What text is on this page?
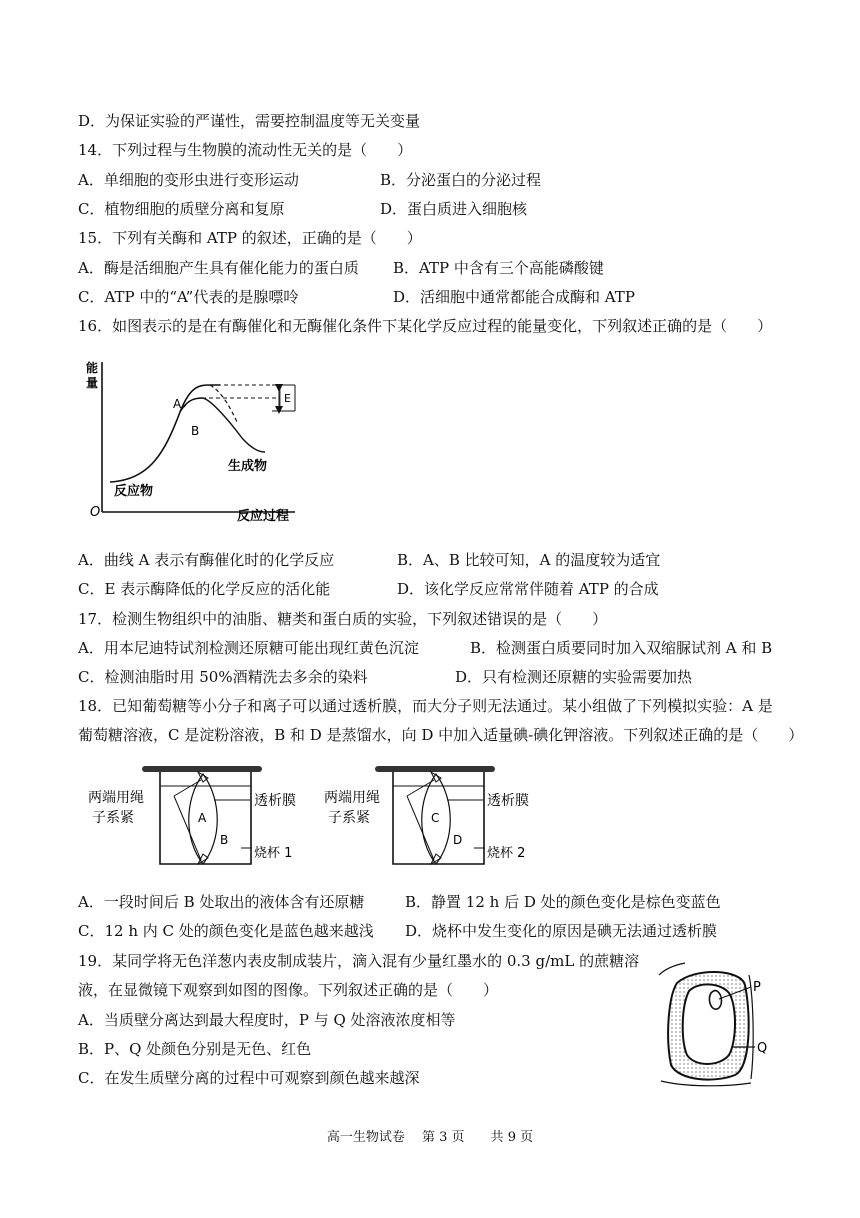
D．为保证实验的严谨性，需要控制温度等无关变量
14．下列过程与生物膜的流动性无关的是（　　）
A．单细胞的变形虫进行变形运动	B．分泌蛋白的分泌过程
C．植物细胞的质壁分离和复原	D．蛋白质进入细胞核
15．下列有关酶和 ATP 的叙述，正确的是（　　）
A．酶是活细胞产生具有催化能力的蛋白质 B．ATP 中含有三个高能磷酸键
C．ATP 中的“A”代表的是腺嘌呤	D．活细胞中通常都能合成酶和 ATP
16．如图表示的是在有酶催化和无酶催化条件下某化学反应过程的能量变化，下列叙述正确的是（　　）
能
量
O	反应过程
E
A
B
反应物
生成物
A．曲线 A 表示有酶催化时的化学反应	B．A、B 比较可知，A 的温度较为适宜
C．E 表示酶降低的化学反应的活化能	D．该化学反应常常伴随着 ATP 的合成
17．检测生物组织中的油脂、糖类和蛋白质的实验，下列叙述错误的是（　　）
A．用本尼迪特试剂检测还原糖可能出现红黄色沉淀	B．检测蛋白质要同时加入双缩脲试剂 A 和 B
C．检测油脂时用 50%酒精洗去多余的染料	D．只有检测还原糖的实验需要加热
18．已知葡萄糖等小分子和离子可以通过透析膜，而大分子则无法通过。某小组做了下列模拟实验：A 是
葡萄糖溶液，C 是淀粉溶液，B 和 D 是蒸馏水，向 D 中加入适量碘-碘化钾溶液。下列叙述正确的是（　　）
两端用绳
子系紧
透析膜
烧杯 1
A
B
两端用绳
子系紧
透析膜
烧杯 2
C
D
A．一段时间后 B 处取出的液体含有还原糖	B．静置 12 h 后 D 处的颜色变化是棕色变蓝色
C．12 h 内 C 处的颜色变化是蓝色越来越浅 D．烧杯中发生变化的原因是碘无法通过透析膜
19．某同学将无色洋葱内表皮制成装片，滴入混有少量红墨水的 0.3 g/mL 的蔗糖溶
液，在显微镜下观察到如图的图像。下列叙述正确的是（　　）
A．当质壁分离达到最大程度时，P 与 Q 处溶液浓度相等
B．P、Q 处颜色分别是无色、红色
C．在发生质壁分离的过程中可观察到颜色越来越深
P
Q
高一生物试卷　 第 3 页　　共 9 页
